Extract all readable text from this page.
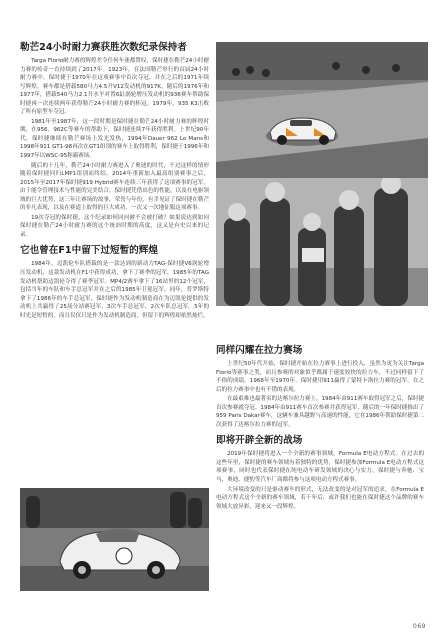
勒芒24小时耐力赛获胜次数纪录保持者

Targa Florio耐力赛的辉煌差令任何车迷都赞叹，保时捷在勒芒24小时耐力赛的传奇一直持续到了2017年。1923年，在法国勒芒举行的首届24小时耐力赛中，保时捷于1970年在这项赛事中首次夺冠，并在之后的1971年续写辉煌，赛车都是搭载580马力4.5升V12发动机的917K。随后的1976年和1977年，搭载540马力2.1升水平对置6缸涡轮增压发动机的936赛车帮助保时捷再一次连续两年获得勒芒24小时耐力赛的桂冠。1979年，935 K3击败了所有原型车夺冠。

1981年至1987年，这一段时期是保时捷在勒芒24小时耐力赛的辉煌时期，在956、962C等赛车的帮助下，保时捷连续7年获得胜利。上世纪90年代，保时捷继续在勒芒赛场上发光发热，1994年Dauer 962 Le Mans和1998年911 GT1-98再次在GT1组别的赛车上取得胜利，保时捷于1996年和1997年以WSC-95称霸赛场。

随后的十几年，勒芒24小时耐力赛进入了奥迪的时代，不过这样的情形随着保时捷回归LMP1组别而终结。2014年重新加入最高组别赛事之后，2015年至2017年保时捷919 Hybrid赛车连续三年获得了这项赛事的冠军。由于能令管理技术与性能的完美结合，保时捷凭借出色的性能，以及在电驱领域的巨大优势，这三年让赛场的故事，荣誉与年份，有幸见证了保时捷在勒芒的非凡表现，以及在赛道上取得的巨大成功，一次又一次地征服这项赛事。

19次夺冠的保时捷，这个纪录如何同向被不会被打破？如果说达到如同保时捷在勒芒24小时耐力赛的这个统治时期的高度，这又是有史以来的记录。

它也曾在F1中留下过短暂的辉煌

1984年，迈凯伦车队搭载的是一款达到的新动力TAG-保时捷V6涡轮增压发动机，这款发动机在F1中获得成功，拿下了赛季的冠军，1985年的TAG发动机帮助迈凯伦夺得了赛季冠军。MP4/2赛车拿下了16站里的12个冠军，包括当年的车队和车手总冠军并在之后的1985年卫冕冠军。同年，普罗斯特拿下了1986年的车手总冠军，保时捷作为发动机制造商在为迈凯伦提供的发动机上共赢得了25场分站赛冠军、3次车手总冠军，2次车队总冠军。5年的时光是短暂的，而且仅仅只是作为发动机制造商，但留下的辉煌却依然灿烂。

同样闪耀在拉力赛场

上世纪50年代开始，保时捷开始在拉力赛事上进行投入，虽然为更为关注Targa Florio等赛事之类，而且参赛的对象似乎都属于速度较快的拉力车，不过同样留下了不俗的成绩。1968年至1970年，保时捷用911赢得了蒙特卡洛拉力赛的冠军，在之后的拉力赛事中也有不错的表现。

在最艰难也最著名的达喀尔拉力赛上，1984年由911赛车取得冠军之后，保时捷首次参赛就夺冠。1984年由911赛车首次参赛并获得冠军，随后的一年保时捷推出了959 Paris Dakar赛车，这辆车兼具越野与高速的性能，它在1986年帮助保时捷第二次获得了达喀尔拉力赛的冠军。

即将开辟全新的战场

2019年保时捷将进入一个全新的赛事领域，Formula E电动方程式。在过去的这些年里，保时捷的赛车领域有着独特的优势，保时捷参加Formula E电动方程式这项赛事，同时也代表保时捷在纯电动车研发领域的决心与实力，保时捷与奔驰、宝马、奥迪、捷豹等汽车厂商都将参与这项电动方程式赛事。

大环境改变的只是驱动赛车的形式，无法改变的是对冠军的追求。在Formula E电动方程式这个全新的赛车领域，若干年后，或许我们也能在保时捷这个品牌的赛车领域大放异彩，迎来又一段辉煌。

069
